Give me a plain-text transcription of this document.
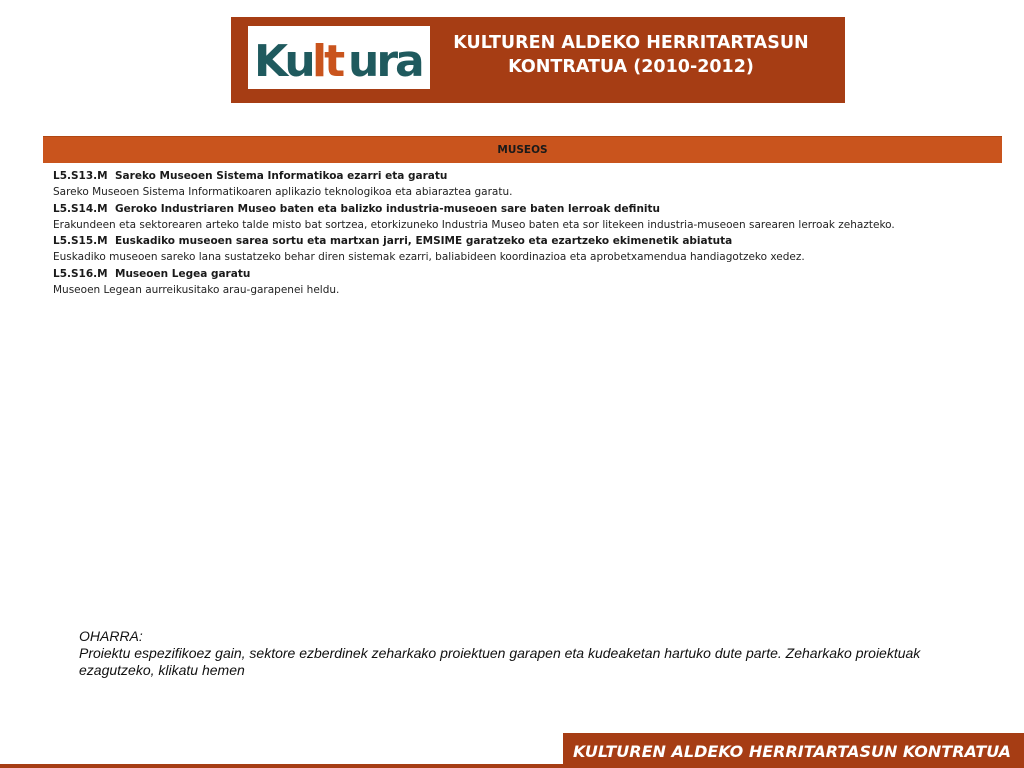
Ku lt ura	KULTUREN ALDEKO HERRITARTASUN
KONTRATUA (2010-2012)
MUSEOS
L5.S13.M Sareko Museoen Sistema Informatikoa ezarri eta garatu
Sareko Museoen Sistema Informatikoaren aplikazio teknologikoa eta abiaraztea garatu.
L5.S14.M Geroko Industriaren Museo baten eta balizko industria-museoen sare baten lerroak definitu
Erakundeen eta sektorearen arteko talde misto bat sortzea, etorkizuneko Industria Museo baten eta sor litekeen industria-museoen sarearen lerroak zehazteko.
L5.S15.M Euskadiko museoen sarea sortu eta martxan jarri, EMSIME garatzeko eta ezartzeko ekimenetik abiatuta
Euskadiko museoen sareko lana sustatzeko behar diren sistemak ezarri, baliabideen koordinazioa eta aprobetxamendua handiagotzeko xedez.
L5.S16.M Museoen Legea garatu
Museoen Legean aurreikusitako arau-garapenei heldu.
OHARRA:
Proiektu espezifikoez gain, sektore ezberdinek zeharkako proiektuen garapen eta kudeaketan hartuko dute parte. Zeharkako proiektuak ezagutzeko, klikatu hemen
KULTUREN ALDEKO HERRITARTASUN KONTRATUA
